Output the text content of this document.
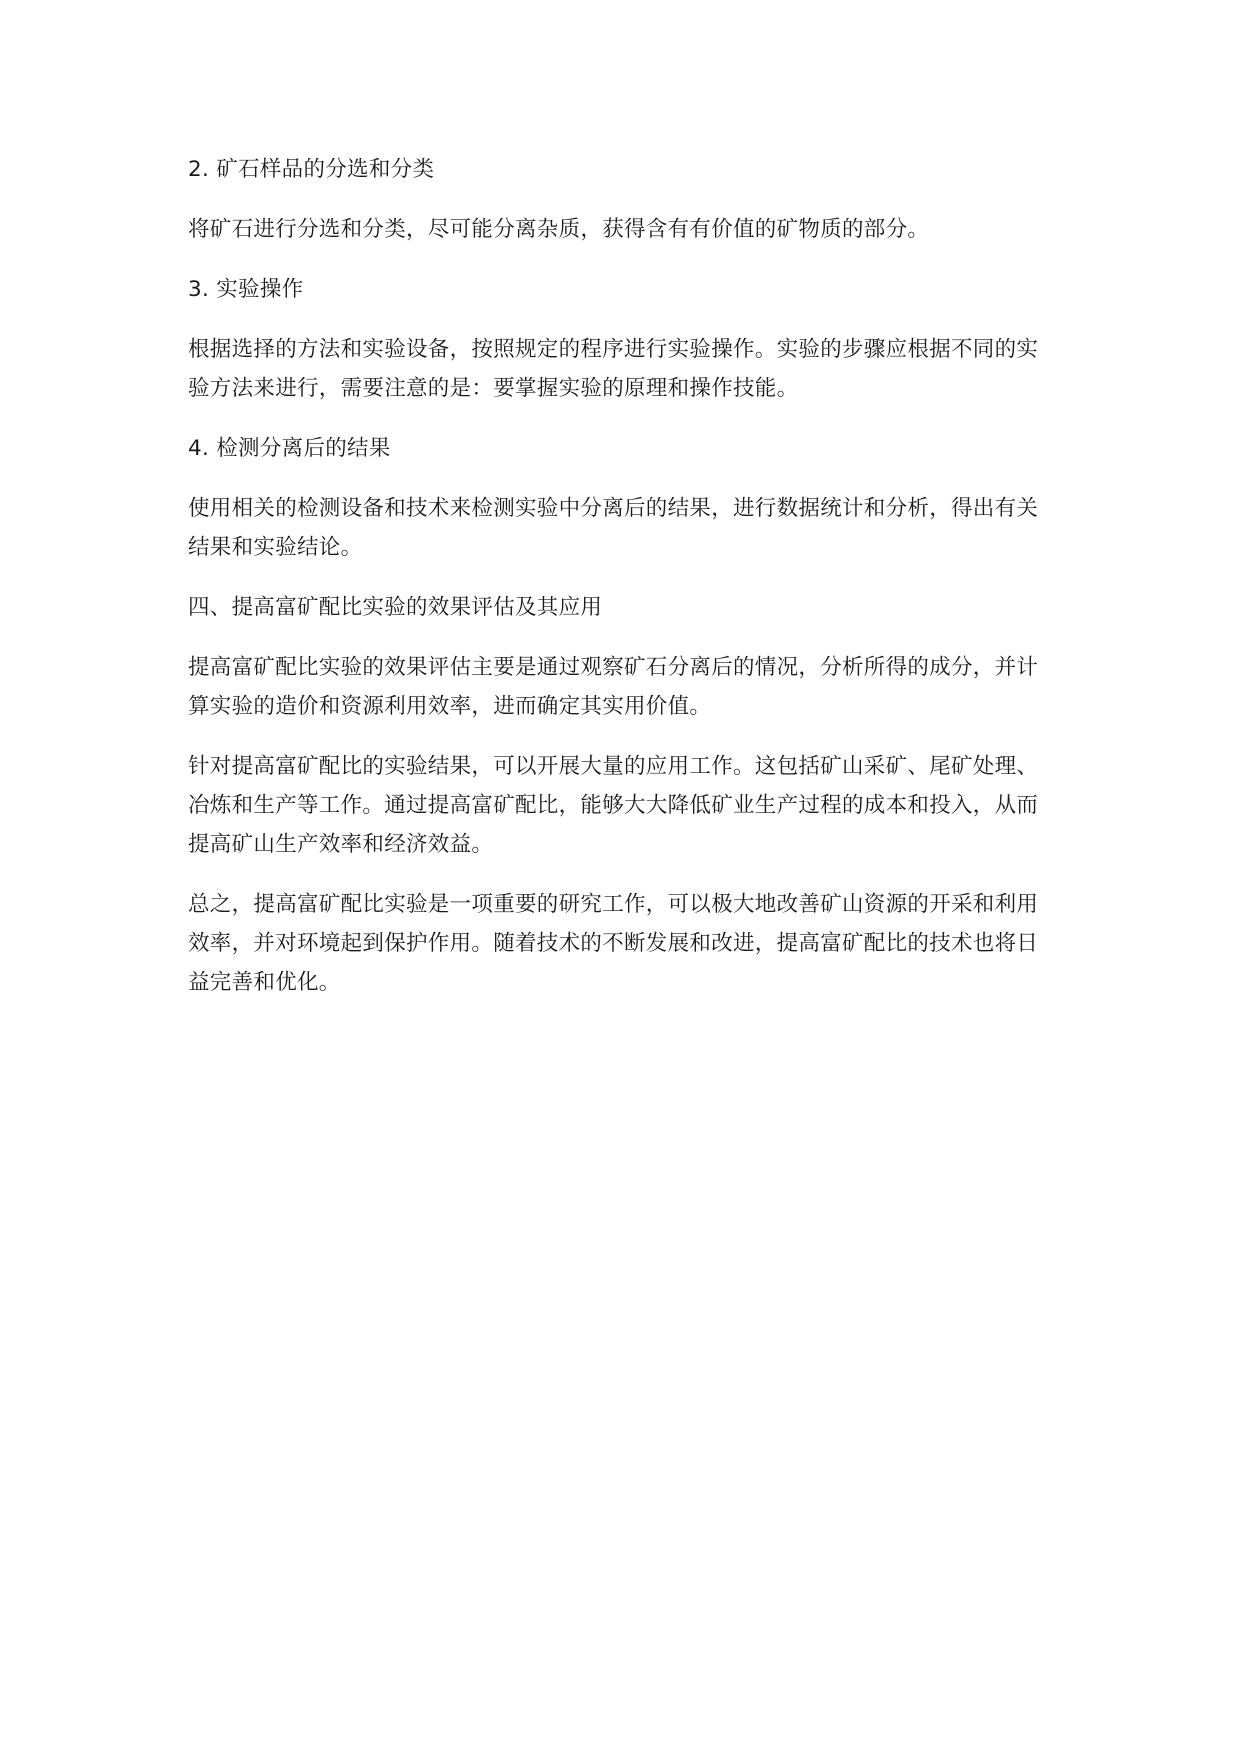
2. 矿石样品的分选和分类

将矿石进行分选和分类，尽可能分离杂质，获得含有有价值的矿物质的部分。

3. 实验操作

根据选择的方法和实验设备，按照规定的程序进行实验操作。实验的步骤应根据不同的实验方法来进行，需要注意的是：要掌握实验的原理和操作技能。

4. 检测分离后的结果

使用相关的检测设备和技术来检测实验中分离后的结果，进行数据统计和分析，得出有关结果和实验结论。

四、提高富矿配比实验的效果评估及其应用

提高富矿配比实验的效果评估主要是通过观察矿石分离后的情况，分析所得的成分，并计算实验的造价和资源利用效率，进而确定其实用价值。

针对提高富矿配比的实验结果，可以开展大量的应用工作。这包括矿山采矿、尾矿处理、冶炼和生产等工作。通过提高富矿配比，能够大大降低矿业生产过程的成本和投入，从而提高矿山生产效率和经济效益。

总之，提高富矿配比实验是一项重要的研究工作，可以极大地改善矿山资源的开采和利用效率，并对环境起到保护作用。随着技术的不断发展和改进，提高富矿配比的技术也将日益完善和优化。
